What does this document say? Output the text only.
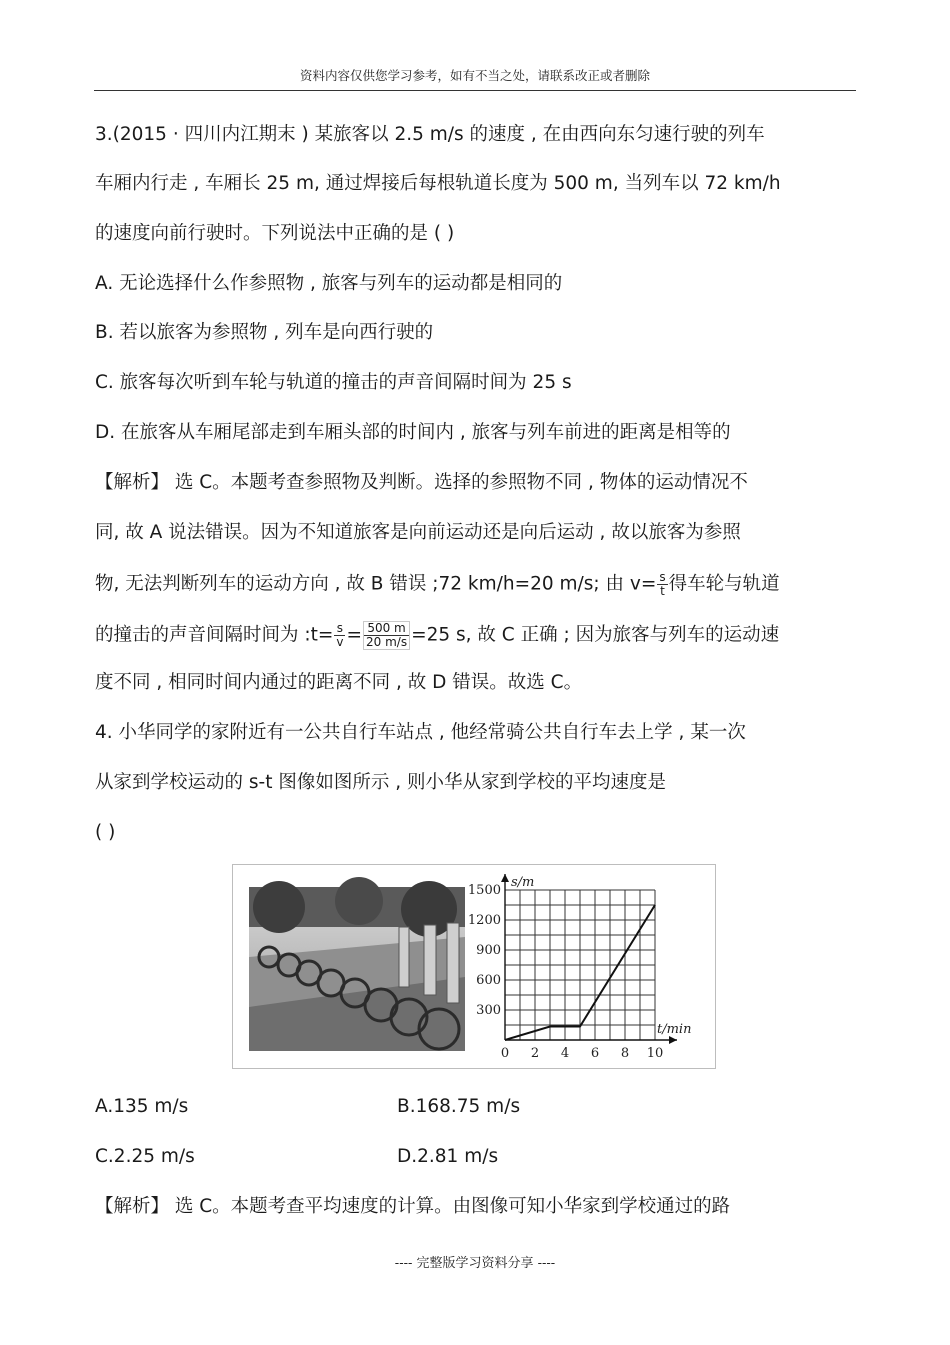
资料内容仅供您学习参考，如有不当之处，请联系改正或者删除
3.(2015 · 四川内江期末 ) 某旅客以 2.5 m/s 的速度 , 在由西向东匀速行驶的列车
车厢内行走 , 车厢长 25 m, 通过焊接后每根轨道长度为 500 m, 当列车以 72 km/h
的速度向前行驶时。下列说法中正确的是 ( )
A. 无论选择什么作参照物 , 旅客与列车的运动都是相同的
B. 若以旅客为参照物 , 列车是向西行驶的
C. 旅客每次听到车轮与轨道的撞击的声音间隔时间为 25 s
D. 在旅客从车厢尾部走到车厢头部的时间内 , 旅客与列车前进的距离是相等的
【解析】 选 C。本题考查参照物及判断。选择的参照物不同 , 物体的运动情况不
同, 故 A 说法错误。因为不知道旅客是向前运动还是向后运动 , 故以旅客为参照
物, 无法判断列车的运动方向 , 故 B 错误 ;72 km/h=20 m/s; 由 $v= \frac{s}{t}$ 得车轮与轨道
的撞击的声音间隔时间为 :t= $\frac{s}{v} = \frac{500 m}{20 m/s} =25$ s, 故 C 正确 ; 因为旅客与列车的运动速
度不同 , 相同时间内通过的距离不同 , 故 D 错误。故选 C。
4. 小华同学的家附近有一公共自行车站点 , 他经常骑公共自行车去上学 , 某一次
从家到学校运动的 s-t 图像如图所示 , 则小华从家到学校的平均速度是
( )
0 2 4 6 8 10
300
600
900
1200
1500
t/min
s/m
A.135 m/s	B.168.75 m/s
C.2.25 m/s	D.2.81 m/s
【解析】 选 C。本题考查平均速度的计算。由图像可知小华家到学校通过的路
---- 完整版学习资料分享 ----
